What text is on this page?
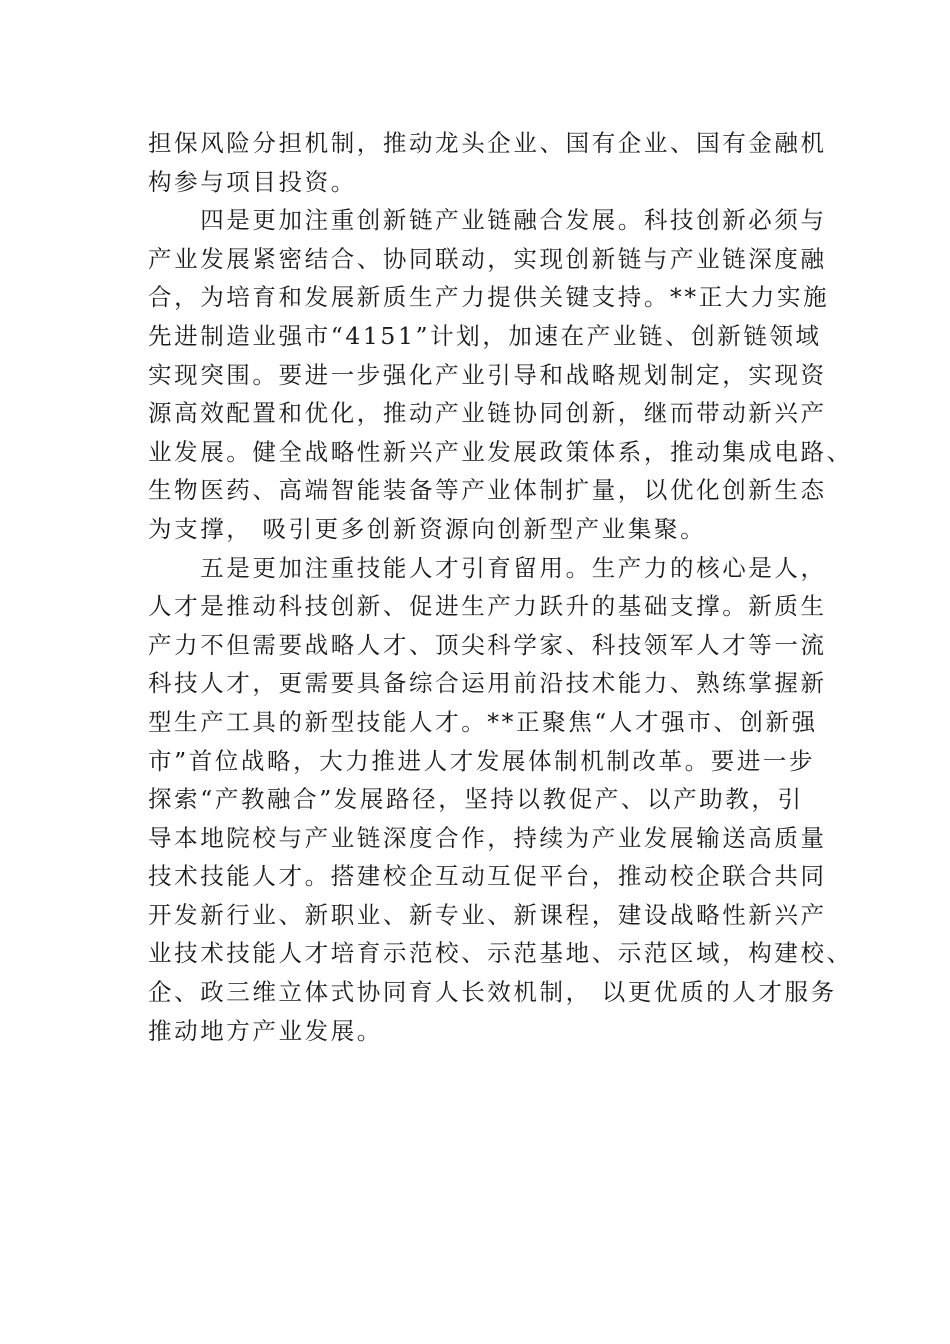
担保风险分担机制，推动龙头企业、国有企业、国有金融机
构参与项目投资。
　　四是更加注重创新链产业链融合发展。科技创新必须与
产业发展紧密结合、协同联动，实现创新链与产业链深度融
合，为培育和发展新质生产力提供关键支持。**正大力实施
先进制造业强市“4151”计划，加速在产业链、创新链领域
实现突围。要进一步强化产业引导和战略规划制定，实现资
源高效配置和优化，推动产业链协同创新，继而带动新兴产
业发展。健全战略性新兴产业发展政策体系，推动集成电路、
生物医药、高端智能装备等产业体制扩量，以优化创新生态
为支撑， 吸引更多创新资源向创新型产业集聚。
　　五是更加注重技能人才引育留用。生产力的核心是人，
人才是推动科技创新、促进生产力跃升的基础支撑。新质生
产力不但需要战略人才、顶尖科学家、科技领军人才等一流
科技人才，更需要具备综合运用前沿技术能力、熟练掌握新
型生产工具的新型技能人才。**正聚焦“人才强市、创新强
市”首位战略，大力推进人才发展体制机制改革。要进一步
探索“产教融合”发展路径，坚持以教促产、以产助教，引
导本地院校与产业链深度合作，持续为产业发展输送高质量
技术技能人才。搭建校企互动互促平台，推动校企联合共同
开发新行业、新职业、新专业、新课程，建设战略性新兴产
业技术技能人才培育示范校、示范基地、示范区域，构建校、
企、政三维立体式协同育人长效机制， 以更优质的人才服务
推动地方产业发展。
